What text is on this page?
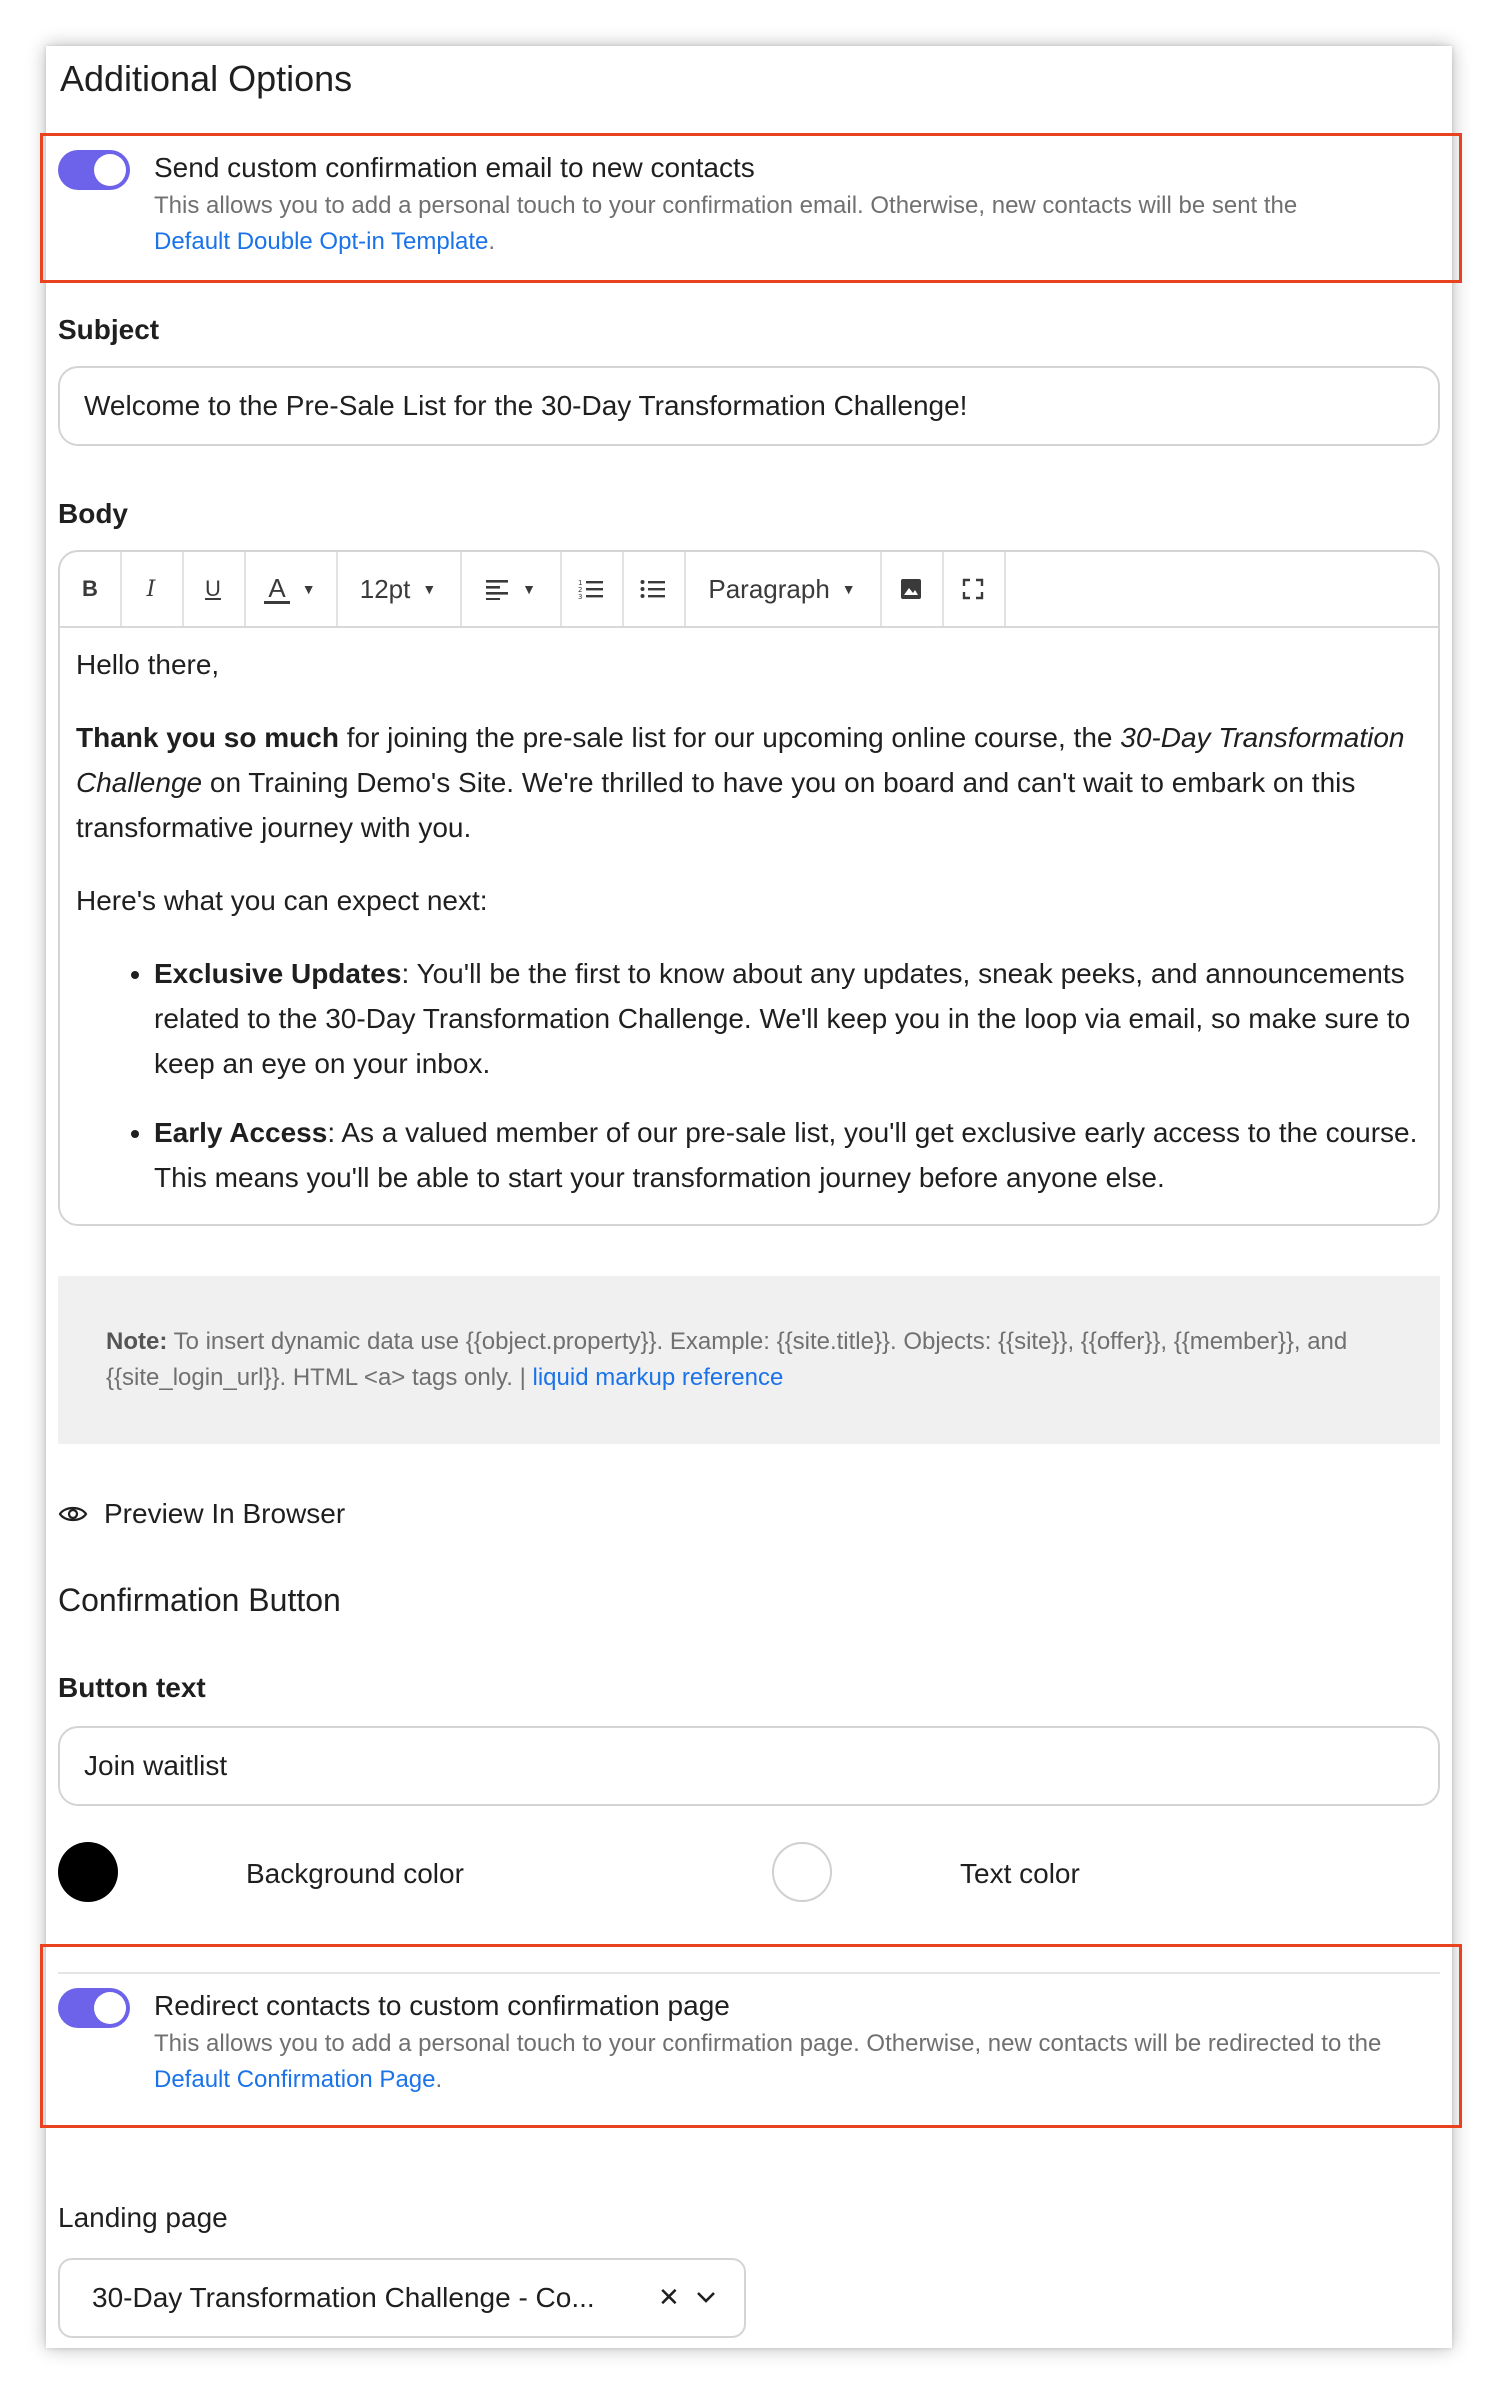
Additional Options
Send custom confirmation email to new contacts
This allows you to add a personal touch to your confirmation email. Otherwise, new contacts will be sent the
Default Double Opt-in Template.
Subject
Welcome to the Pre-Sale List for the 30-Day Transformation Challenge!
Body
B	I	U	A ▼ 12pt ▼	▼	1
2
3	Paragraph ▼

Hello there,

Thank you so much for joining the pre-sale list for our upcoming online course, the 30-Day Transformation Challenge on Training Demo's Site. We're thrilled to have you on board and can't wait to embark on this transformative journey with you.

Here's what you can expect next:

• Exclusive Updates: You'll be the first to know about any updates, sneak peeks, and announcements related to the 30-Day Transformation Challenge. We'll keep you in the loop via email, so make sure to keep an eye on your inbox.
• Early Access: As a valued member of our pre-sale list, you'll get exclusive early access to the course. This means you'll be able to start your transformation journey before anyone else.
Note: To insert dynamic data use {{object.property}}. Example: {{site.title}}. Objects: {{site}}, {{offer}}, {{member}}, and {{site_login_url}}. HTML <a> tags only. | liquid markup reference
Preview In Browser
Confirmation Button
Button text
Join waitlist
Background color	Text color
Redirect contacts to custom confirmation page
This allows you to add a personal touch to your confirmation page. Otherwise, new contacts will be redirected to the Default Confirmation Page.
Landing page
30-Day Transformation Challenge - Co... ✕
